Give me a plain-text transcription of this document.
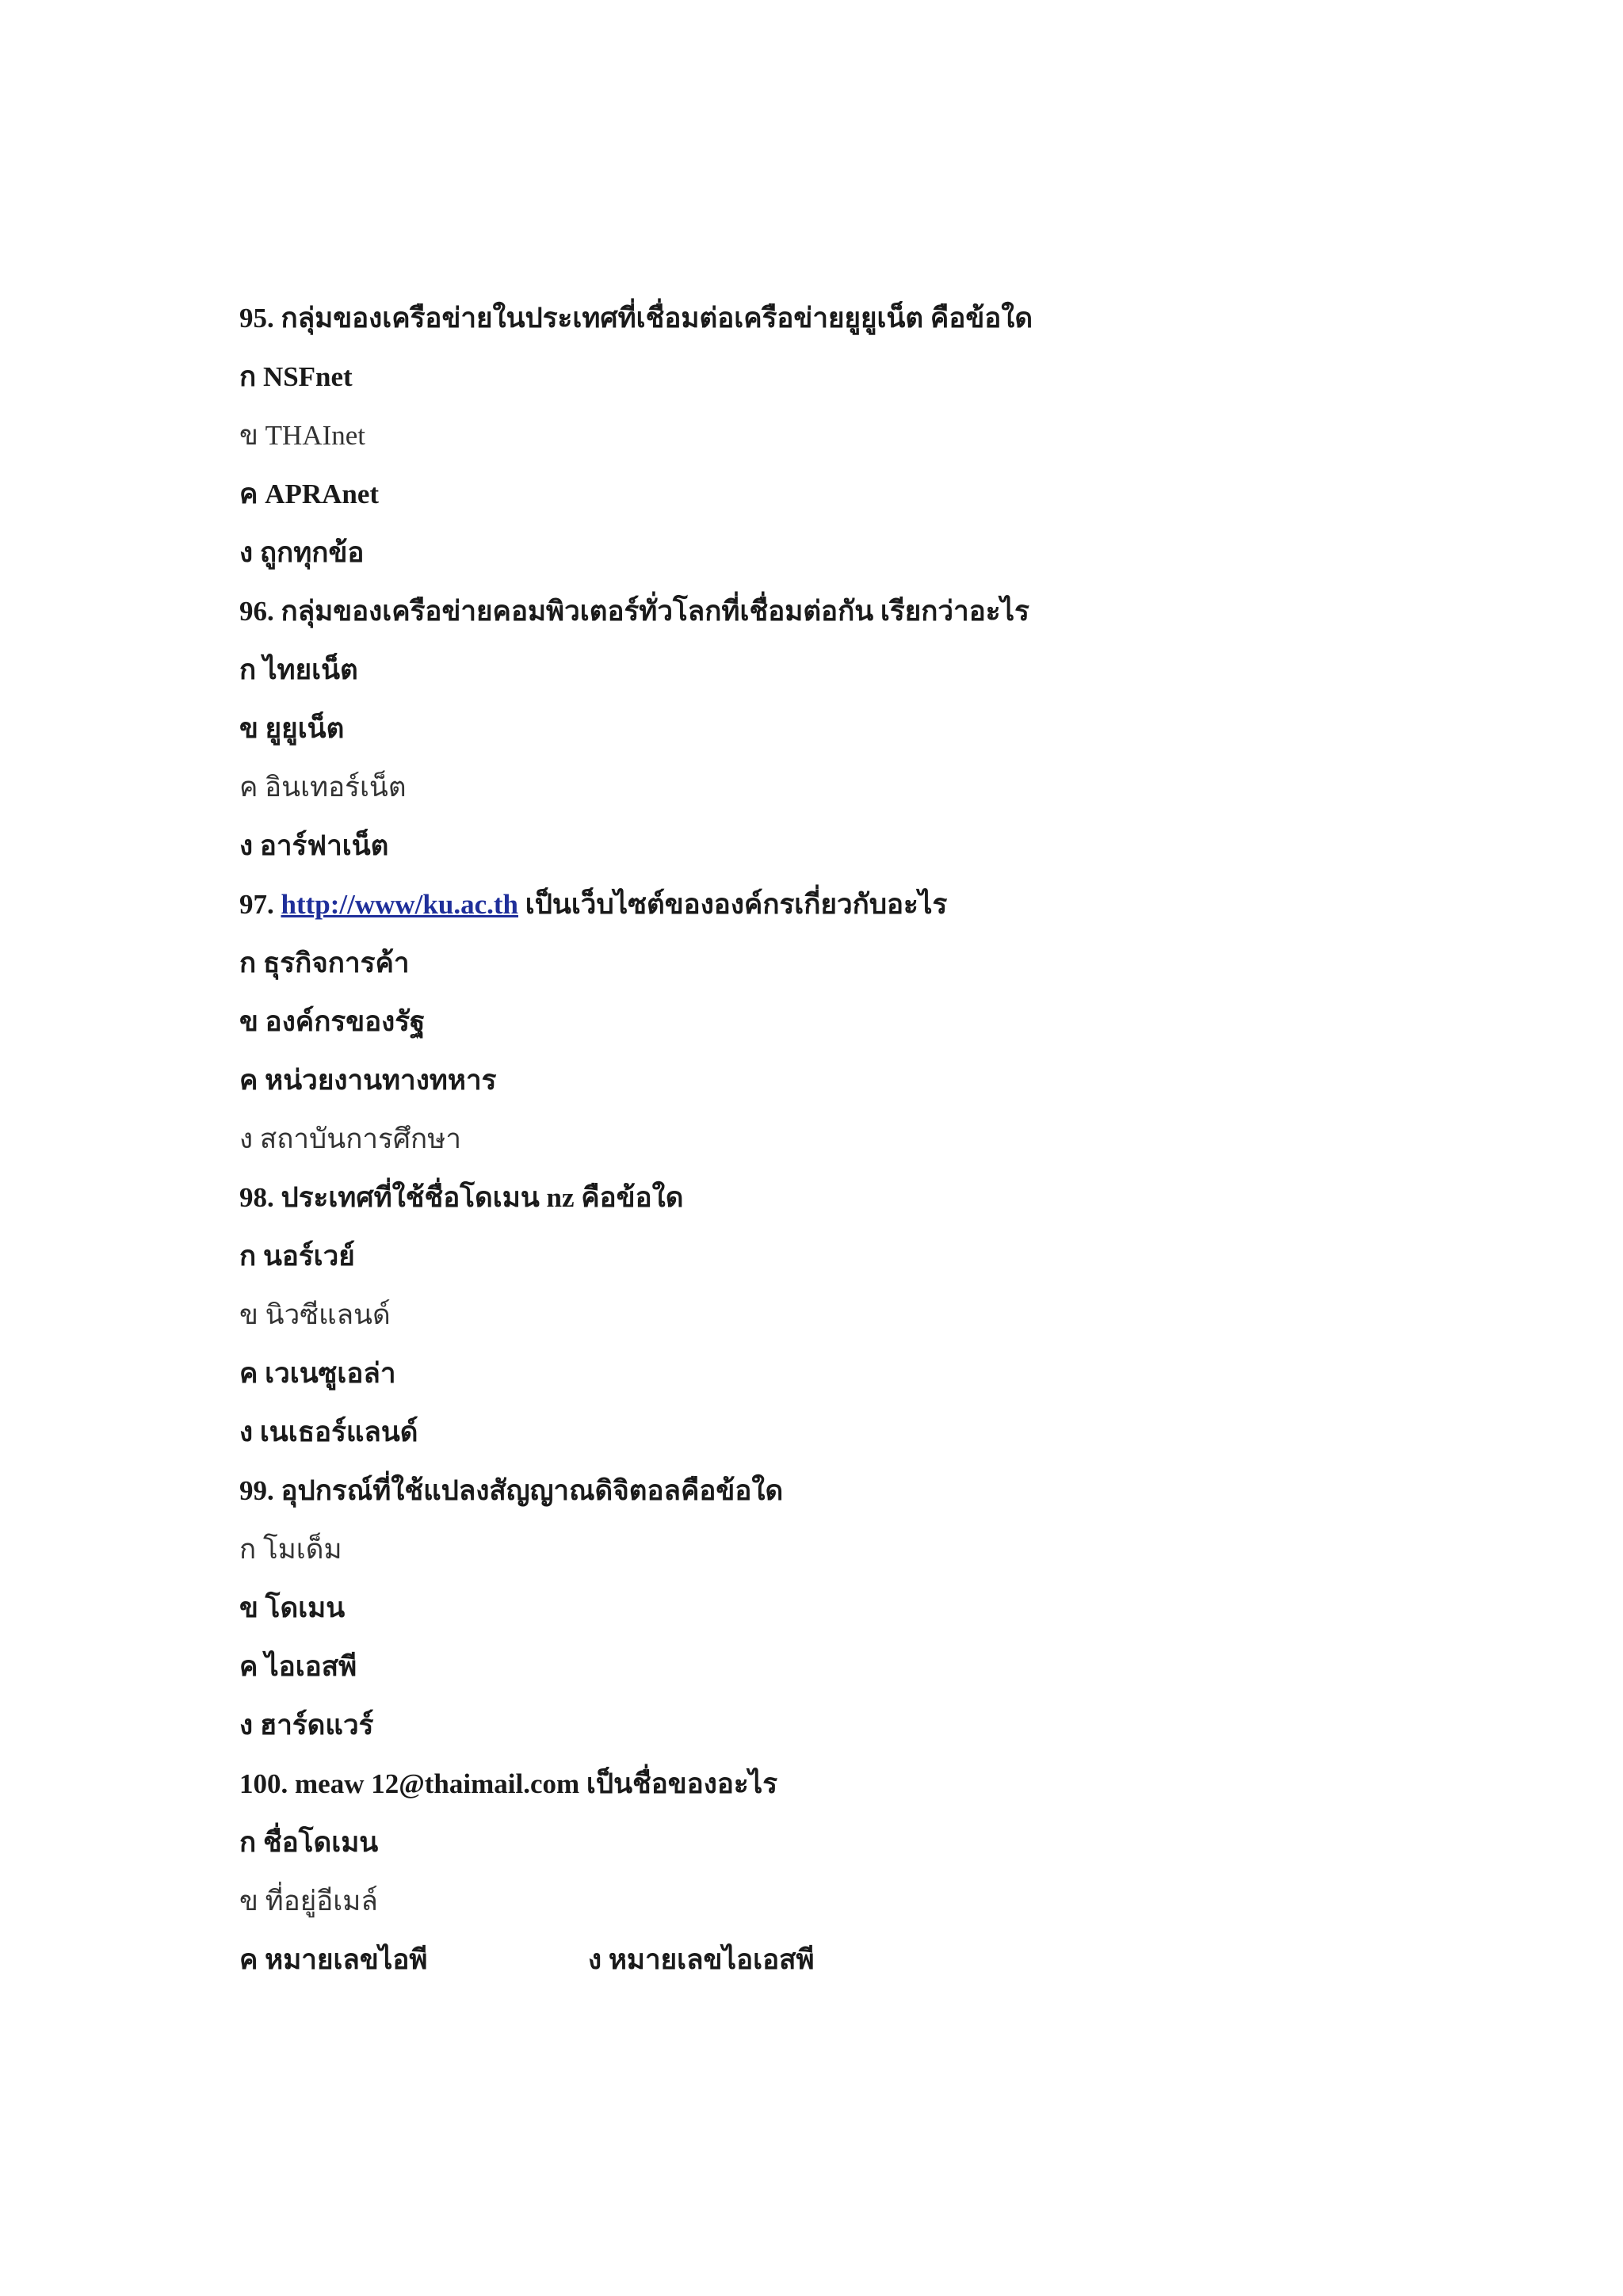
95. กลุ่มของเครือข่ายในประเทศที่เชื่อมต่อเครือข่ายยูยูเน็ต คือข้อใด
ก NSFnet
ข THAInet
ค APRAnet
ง ถูกทุกข้อ
96. กลุ่มของเครือข่ายคอมพิวเตอร์ทั่วโลกที่เชื่อมต่อกัน เรียกว่าอะไร
ก ไทยเน็ต
ข ยูยูเน็ต
ค อินเทอร์เน็ต
ง อาร์ฟาเน็ต
97. http://www/ku.ac.th เป็นเว็บไซต์ขององค์กรเกี่ยวกับอะไร
ก ธุรกิจการค้า
ข องค์กรของรัฐ
ค หน่วยงานทางทหาร
ง สถาบันการศึกษา
98. ประเทศที่ใช้ชื่อโดเมน nz คือข้อใด
ก นอร์เวย์
ข นิวซีแลนด์
ค เวเนซูเอล่า
ง เนเธอร์แลนด์
99. อุปกรณ์ที่ใช้แปลงสัญญาณดิจิตอลคือข้อใด
ก โมเด็ม
ข โดเมน
ค ไอเอสพี
ง ฮาร์ดแวร์
100. meaw 12@thaimail.com เป็นชื่อของอะไร
ก ชื่อโดเมน
ข ที่อยู่อีเมล์
ค หมายเลขไอพี	ง หมายเลขไอเอสพี
